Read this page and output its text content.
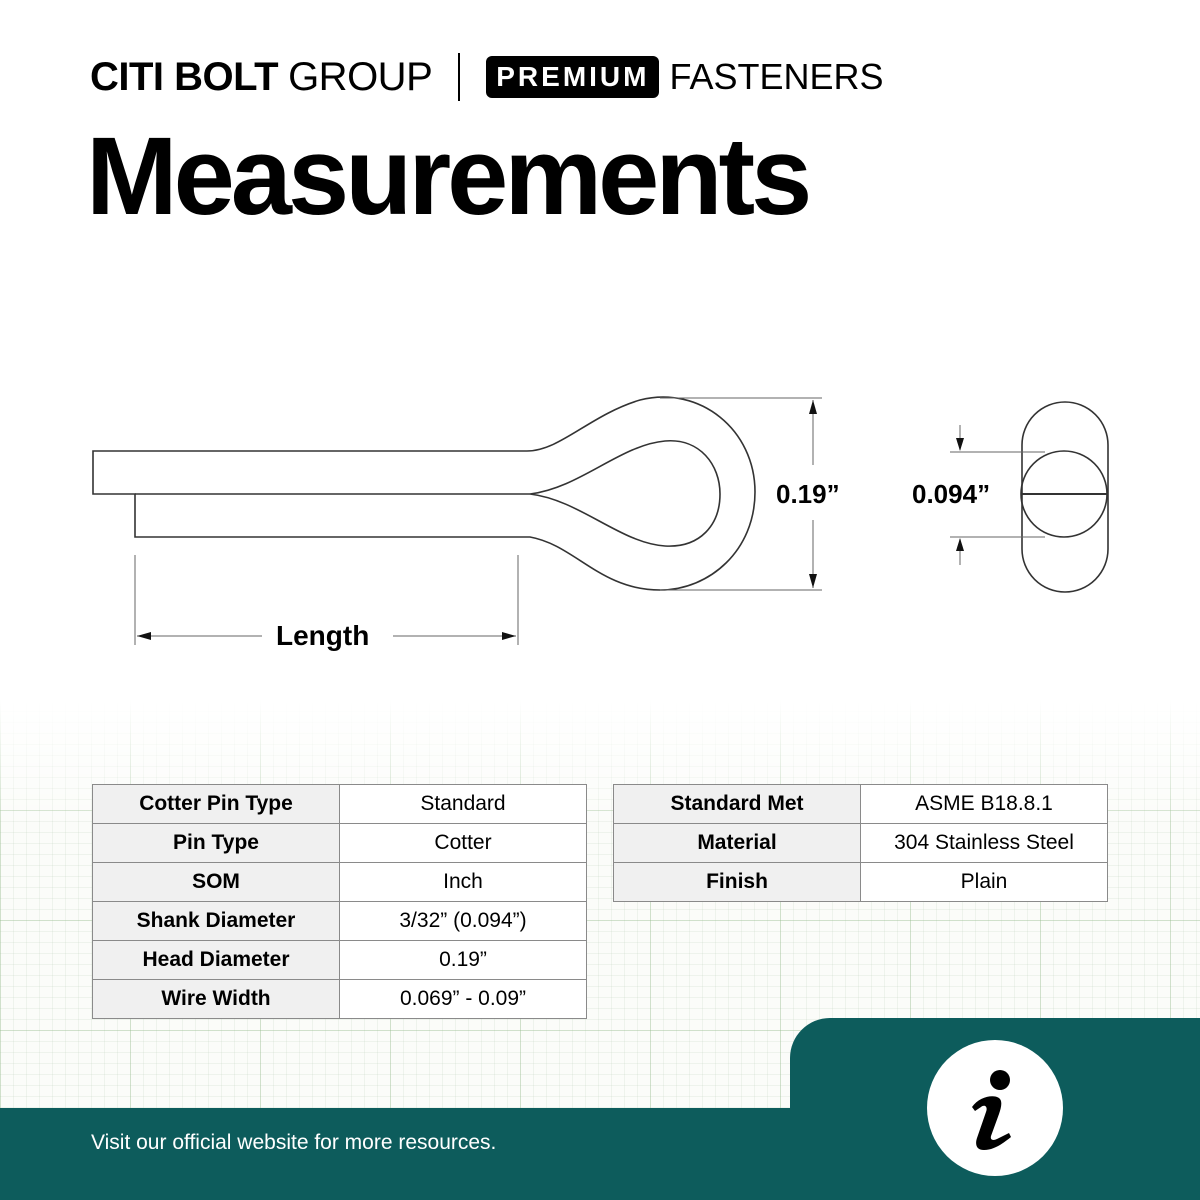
CITI BOLT GROUP	PREMIUM FASTENERS
Measurements
0.19”
Length
0.094”
Cotter Pin Type	Standard
Pin Type	Cotter
SOM	Inch
Shank Diameter	3/32” (0.094”)
Head Diameter	0.19”
Wire Width	0.069” - 0.09”
Standard Met	ASME B18.8.1
Material	304 Stainless Steel
Finish	Plain
Visit our official website for more resources.
